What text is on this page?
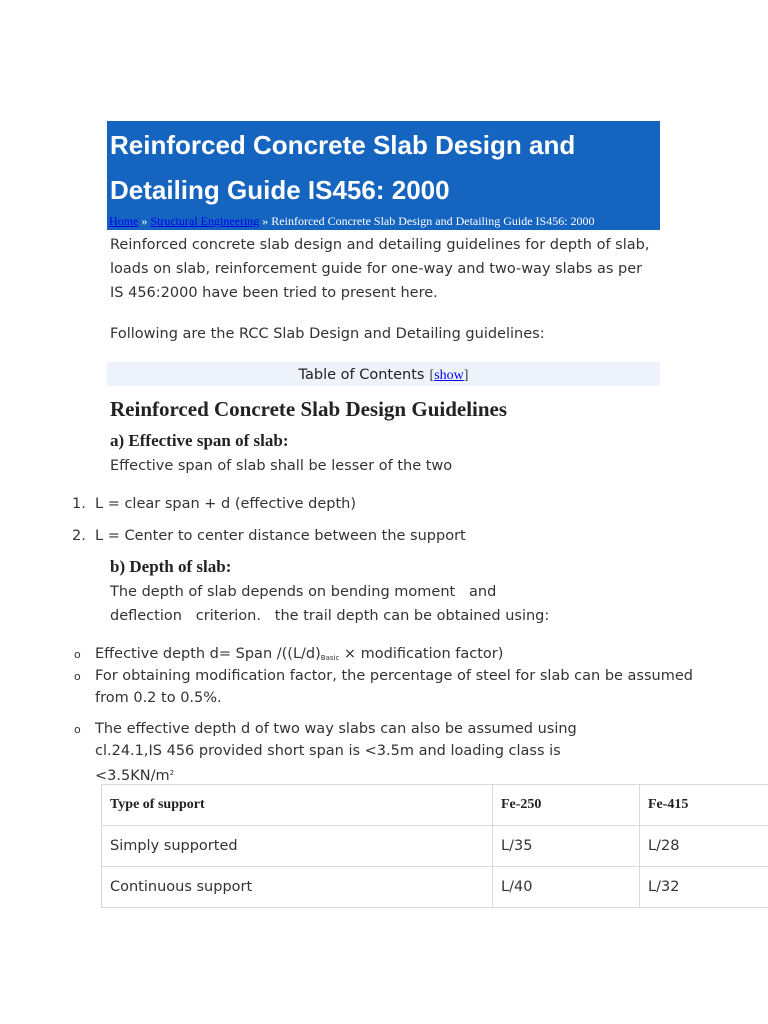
Reinforced Concrete Slab Design and Detailing Guide IS456: 2000
Home » Structural Engineering » Reinforced Concrete Slab Design and Detailing Guide IS456: 2000

Reinforced concrete slab design and detailing guidelines for depth of slab, loads on slab, reinforcement guide for one-way and two-way slabs as per IS 456:2000 have been tried to present here.

Following are the RCC Slab Design and Detailing guidelines:

Table of Contents [show]
Reinforced Concrete Slab Design Guidelines
a) Effective span of slab:

Effective span of slab shall be lesser of the two

1. L = clear span + d (effective depth)
2. L = Center to center distance between the support
b) Depth of slab:

The depth of slab depends on bending moment   and

deflection   criterion.   the trail depth can be obtained using:

o Effective depth d= Span $/((L/d)_{Basic}$ × modification factor)
o For obtaining modification factor, the percentage of steel for slab can be assumed from 0.2 to 0.5%.
o The effective depth d of two way slabs can also be assumed using cl.24.1,IS 456 provided short span is <3.5m and loading class is $<3.5KN/m^2$
Type of support	Fe-250	Fe-415
Simply supported	L/35	L/28
Continuous support	L/40	L/32
